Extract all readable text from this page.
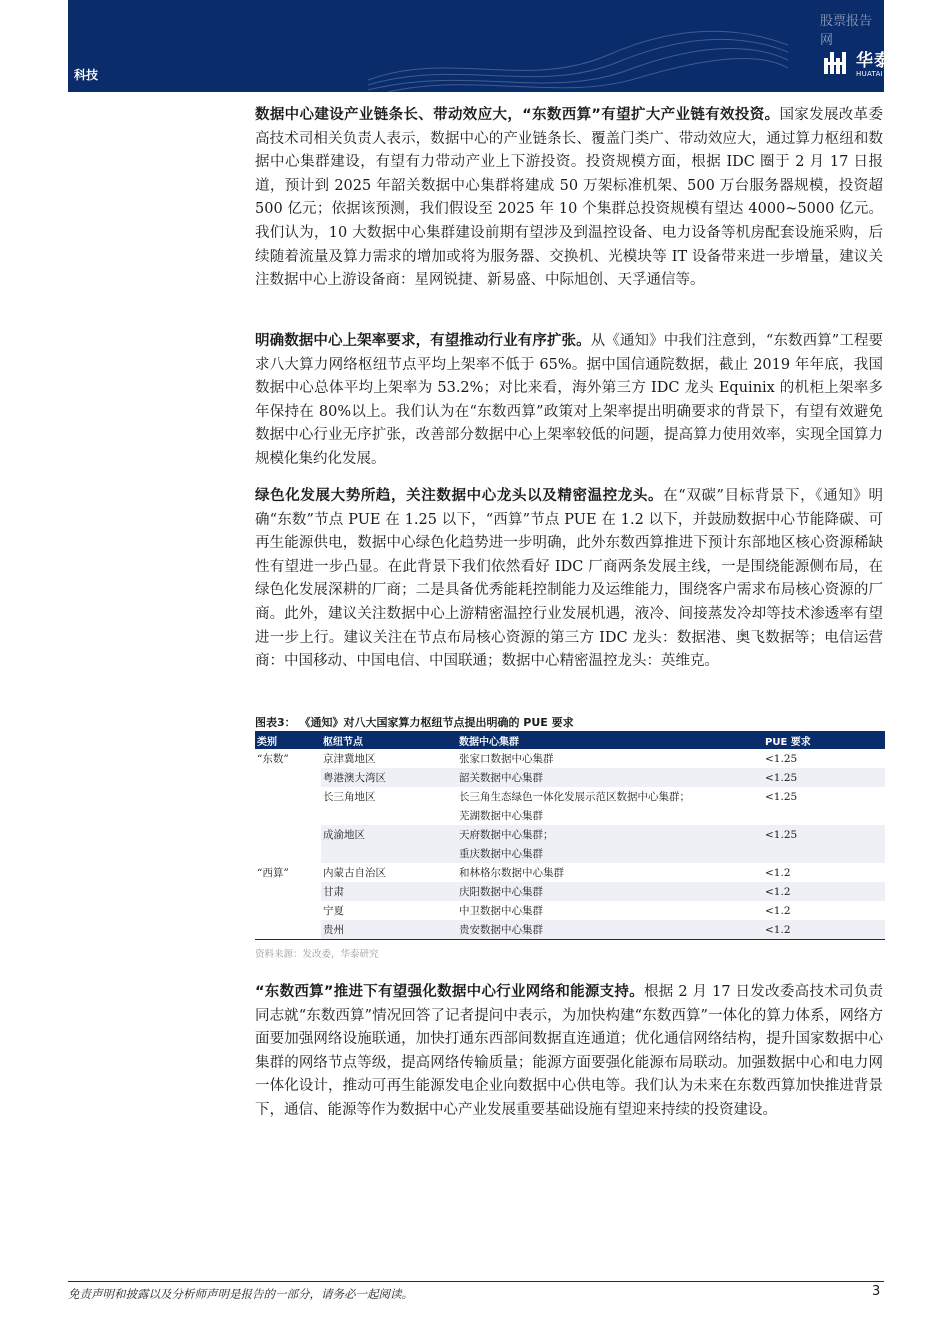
股票报告网
科技
华泰证券
HUATAI SECURITIES

数据中心建设产业链条长、带动效应大，“东数西算”有望扩大产业链有效投资。国家发展改革委高技术司相关负责人表示，数据中心的产业链条长、覆盖门类广、带动效应大，通过算力枢纽和数据中心集群建设，有望有力带动产业上下游投资。投资规模方面，根据 IDC 圈于 2 月 17 日报道，预计到 2025 年韶关数据中心集群将建成 50 万架标准机架、500 万台服务器规模，投资超 500 亿元；依据该预测，我们假设至 2025 年 10 个集群总投资规模有望达 4000~5000 亿元。我们认为，10 大数据中心集群建设前期有望涉及到温控设备、电力设备等机房配套设施采购，后续随着流量及算力需求的增加或将为服务器、交换机、光模块等 IT 设备带来进一步增量，建议关注数据中心上游设备商：星网锐捷、新易盛、中际旭创、天孚通信等。

明确数据中心上架率要求，有望推动行业有序扩张。从《通知》中我们注意到，“东数西算”工程要求八大算力网络枢纽节点平均上架率不低于 65%。据中国信通院数据，截止 2019 年年底，我国数据中心总体平均上架率为 53.2%；对比来看，海外第三方 IDC 龙头 Equinix 的机柜上架率多年保持在 80%以上。我们认为在“东数西算”政策对上架率提出明确要求的背景下，有望有效避免数据中心行业无序扩张，改善部分数据中心上架率较低的问题，提高算力使用效率，实现全国算力规模化集约化发展。

绿色化发展大势所趋，关注数据中心龙头以及精密温控龙头。在“双碳”目标背景下，《通知》明确“东数”节点 PUE 在 1.25 以下，“西算”节点 PUE 在 1.2 以下，并鼓励数据中心节能降碳、可再生能源供电，数据中心绿色化趋势进一步明确，此外东数西算推进下预计东部地区核心资源稀缺性有望进一步凸显。在此背景下我们依然看好 IDC 厂商两条发展主线，一是围绕能源侧布局，在绿色化发展深耕的厂商；二是具备优秀能耗控制能力及运维能力，围绕客户需求布局核心资源的厂商。此外，建议关注数据中心上游精密温控行业发展机遇，液冷、间接蒸发冷却等技术渗透率有望进一步上行。建议关注在节点布局核心资源的第三方 IDC 龙头：数据港、奥飞数据等；电信运营商：中国移动、中国电信、中国联通；数据中心精密温控龙头：英维克。

图表3： 《通知》对八大国家算力枢纽节点提出明确的 PUE 要求
类别	枢纽节点	数据中心集群	PUE 要求
“东数”	京津冀地区	张家口数据中心集群	<1.25
	粤港澳大湾区	韶关数据中心集群	<1.25
	长三角地区	长三角生态绿色一体化发展示范区数据中心集群；	<1.25
		芜湖数据中心集群	
	成渝地区	天府数据中心集群；	<1.25
		重庆数据中心集群	
“西算”	内蒙古自治区	和林格尔数据中心集群	<1.2
	甘肃	庆阳数据中心集群	<1.2
	宁夏	中卫数据中心集群	<1.2
	贵州	贵安数据中心集群	<1.2
资料来源：发改委，华泰研究

“东数西算”推进下有望强化数据中心行业网络和能源支持。根据 2 月 17 日发改委高技术司负责同志就“东数西算”情况回答了记者提问中表示，为加快构建“东数西算”一体化的算力体系，网络方面要加强网络设施联通，加快打通东西部间数据直连通道；优化通信网络结构，提升国家数据中心集群的网络节点等级，提高网络传输质量；能源方面要强化能源布局联动。加强数据中心和电力网一体化设计，推动可再生能源发电企业向数据中心供电等。我们认为未来在东数西算加快推进背景下，通信、能源等作为数据中心产业发展重要基础设施有望迎来持续的投资建设。

免责声明和披露以及分析师声明是报告的一部分，请务必一起阅读。	3
